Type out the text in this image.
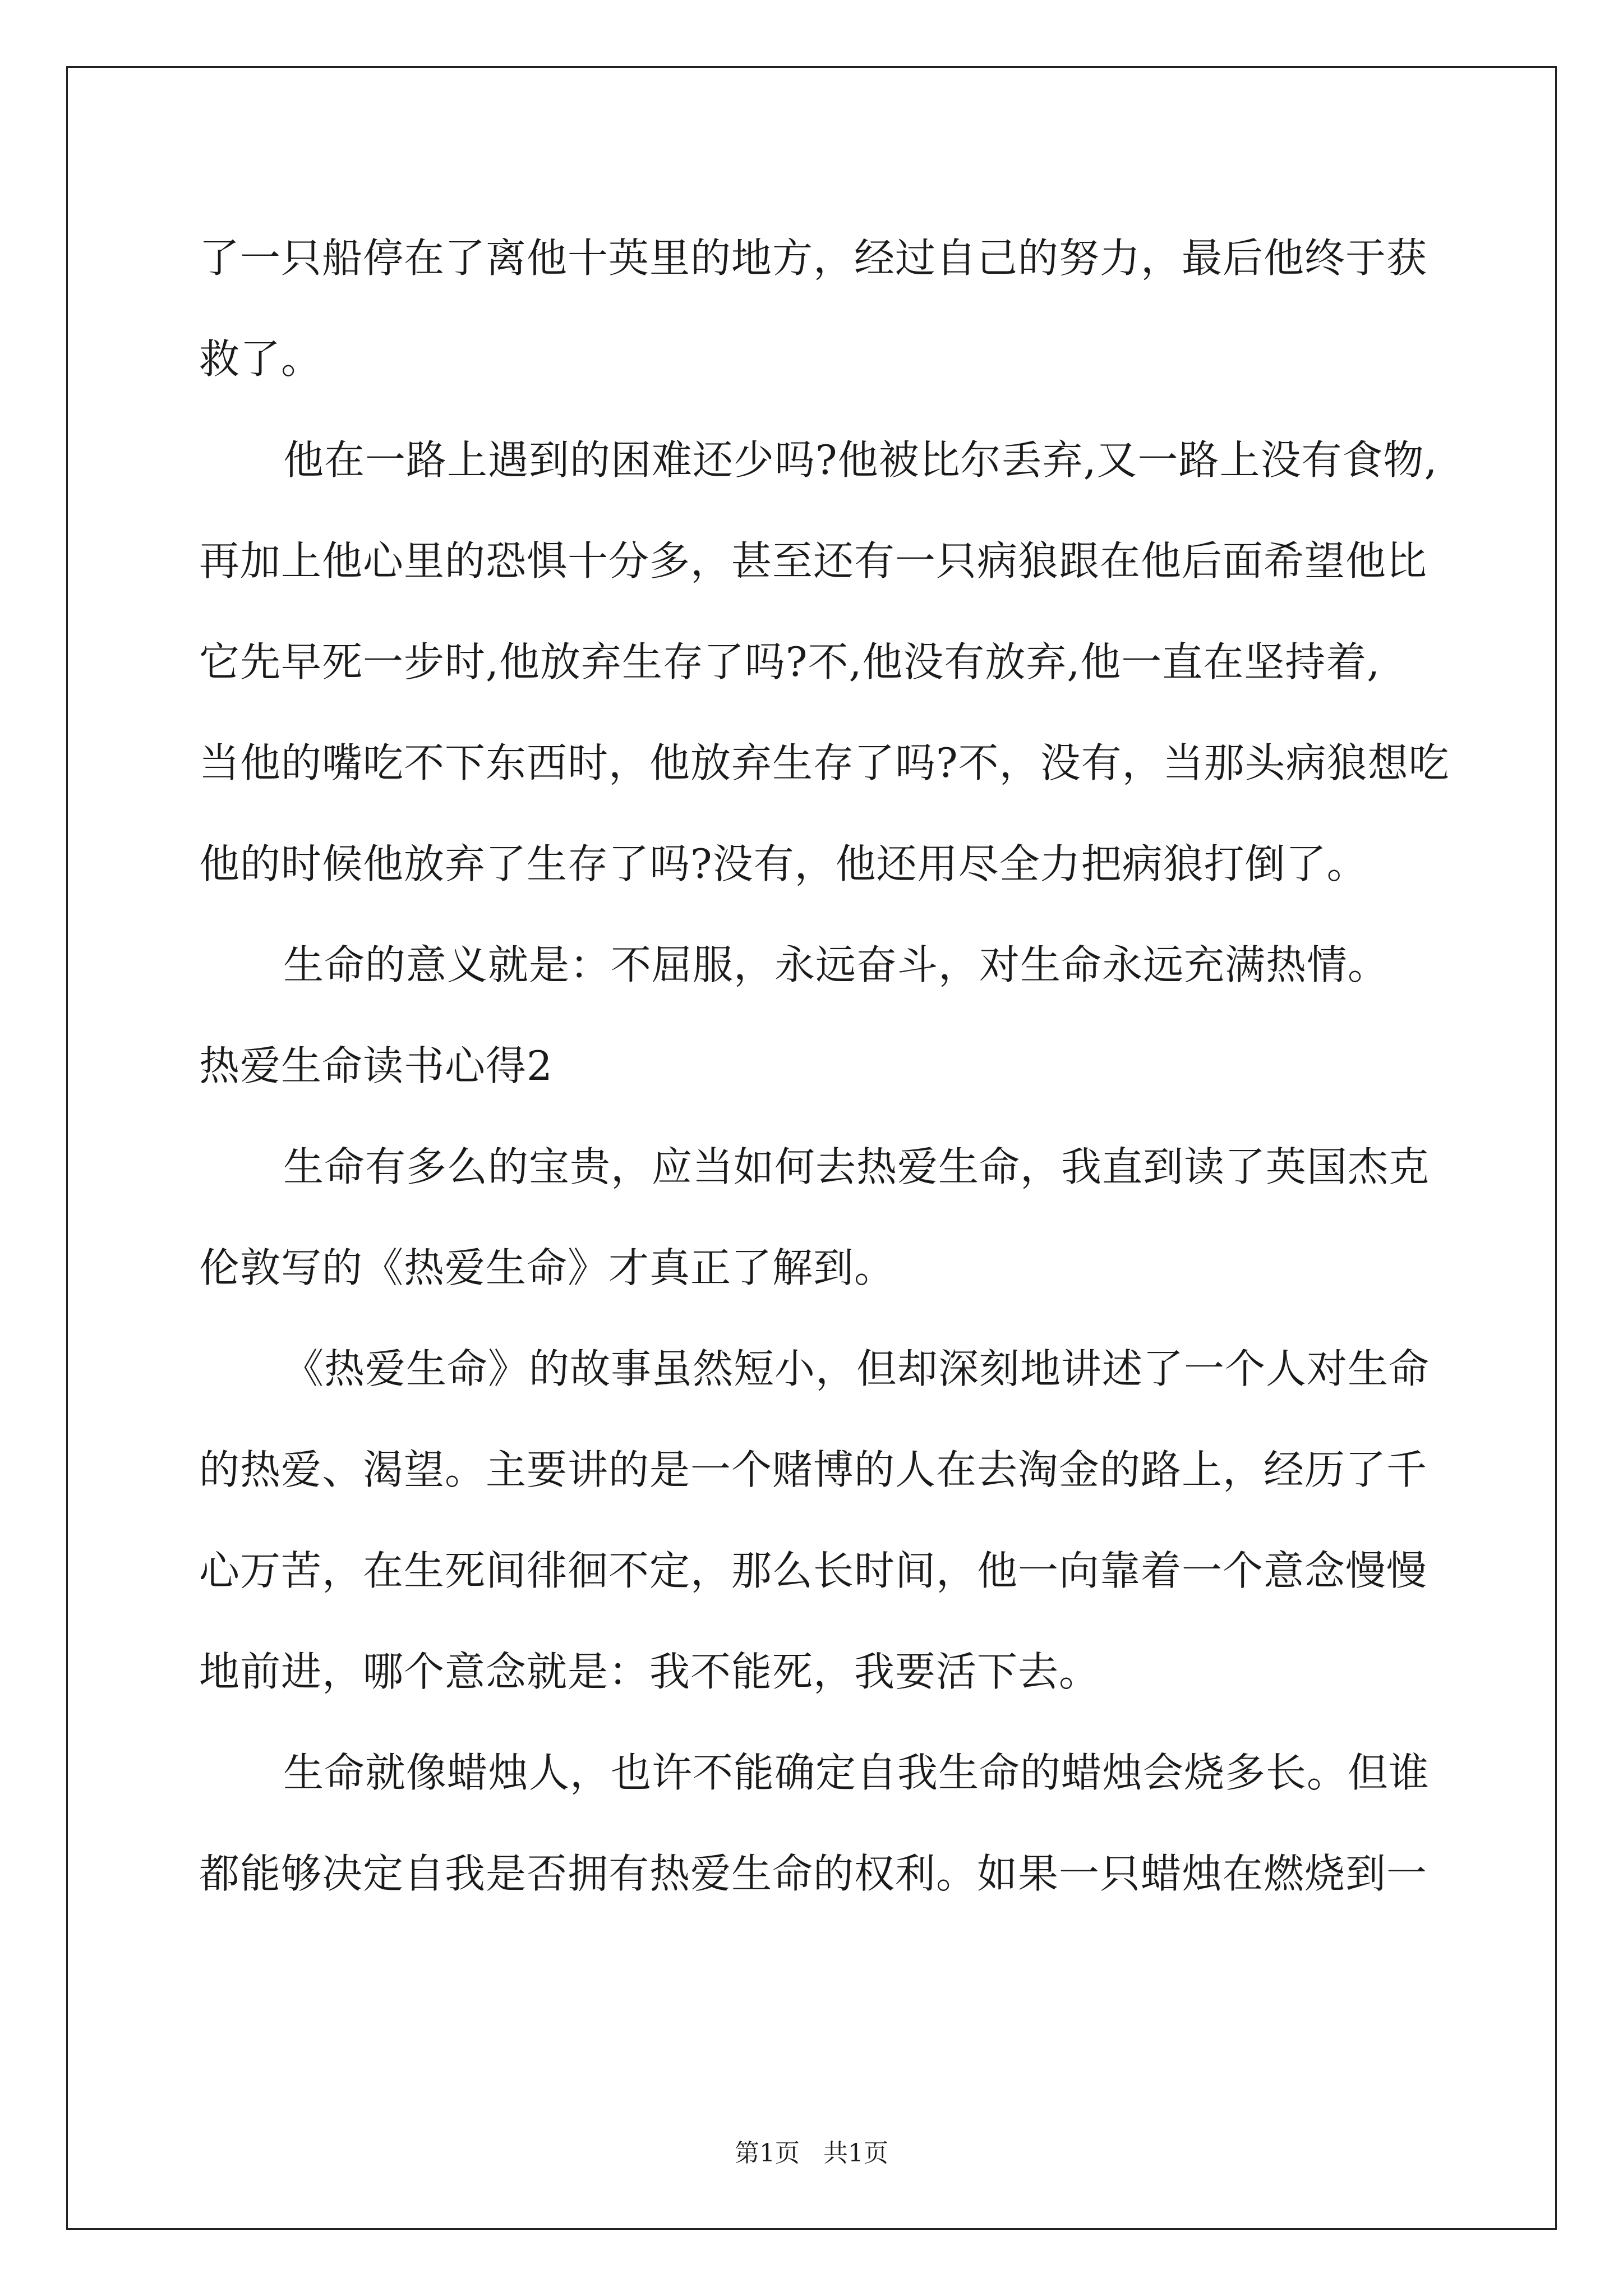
了一只船停在了离他十英里的地方，经过自己的努力，最后他终于获
救了。
他在一路上遇到的困难还少吗?他被比尔丢弃,又一路上没有食物,
再加上他心里的恐惧十分多，甚至还有一只病狼跟在他后面希望他比
它先早死一步时,他放弃生存了吗?不,他没有放弃,他一直在坚持着,
当他的嘴吃不下东西时，他放弃生存了吗?不，没有，当那头病狼想吃
他的时候他放弃了生存了吗?没有，他还用尽全力把病狼打倒了。
生命的意义就是：不屈服，永远奋斗，对生命永远充满热情。
热爱生命读书心得2
生命有多么的宝贵，应当如何去热爱生命，我直到读了英国杰克
伦敦写的《热爱生命》才真正了解到。
《热爱生命》的故事虽然短小，但却深刻地讲述了一个人对生命
的热爱、渴望。主要讲的是一个赌博的人在去淘金的路上，经历了千
心万苦，在生死间徘徊不定，那么长时间，他一向靠着一个意念慢慢
地前进，哪个意念就是：我不能死，我要活下去。
生命就像蜡烛人，也许不能确定自我生命的蜡烛会烧多长。但谁
都能够决定自我是否拥有热爱生命的权利。如果一只蜡烛在燃烧到一
第1页   共1页
